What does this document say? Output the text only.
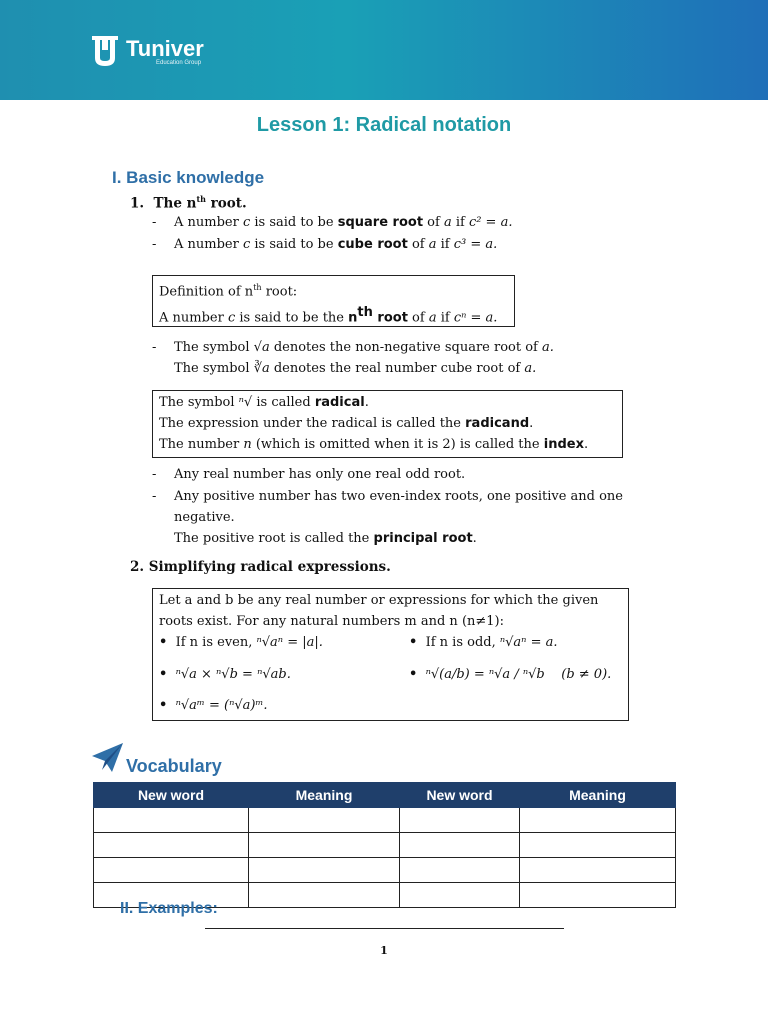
Tuniver
Education Group
Lesson 1: Radical notation
I. Basic knowledge
1. The $n^{th}$ root.
- A number c is said to be square root of a if c² = a.
- A number c is said to be cube root of a if c³ = a.
Definition of $n^{th}$ root:
A number c is said to be the $n^{th}$ root of a if cⁿ = a.
- The symbol √a denotes the non-negative square root of a.
The symbol ∛a denotes the real number cube root of a.
The symbol ⁿ√ is called radical.
The expression under the radical is called the radicand.
The number n (which is omitted when it is 2) is called the index.
- Any real number has only one real odd root.
- Any positive number has two even-index roots, one positive and one
negative.
The positive root is called the principal root.
2. Simplifying radical expressions.
Let a and b be any real number or expressions for which the given
roots exist. For any natural numbers m and n (n≠1):
• If n is even, ⁿ√aⁿ = |a|.	• If n is odd, ⁿ√aⁿ = a.
• ⁿ√a × ⁿ√b = ⁿ√ab.	• ⁿ√(a/b) = ⁿ√a / ⁿ√b (b ≠ 0).
• ⁿ√aᵐ = (ⁿ√a)ᵐ.
Vocabulary
New word	Meaning	New word	Meaning

II. Examples:
1
